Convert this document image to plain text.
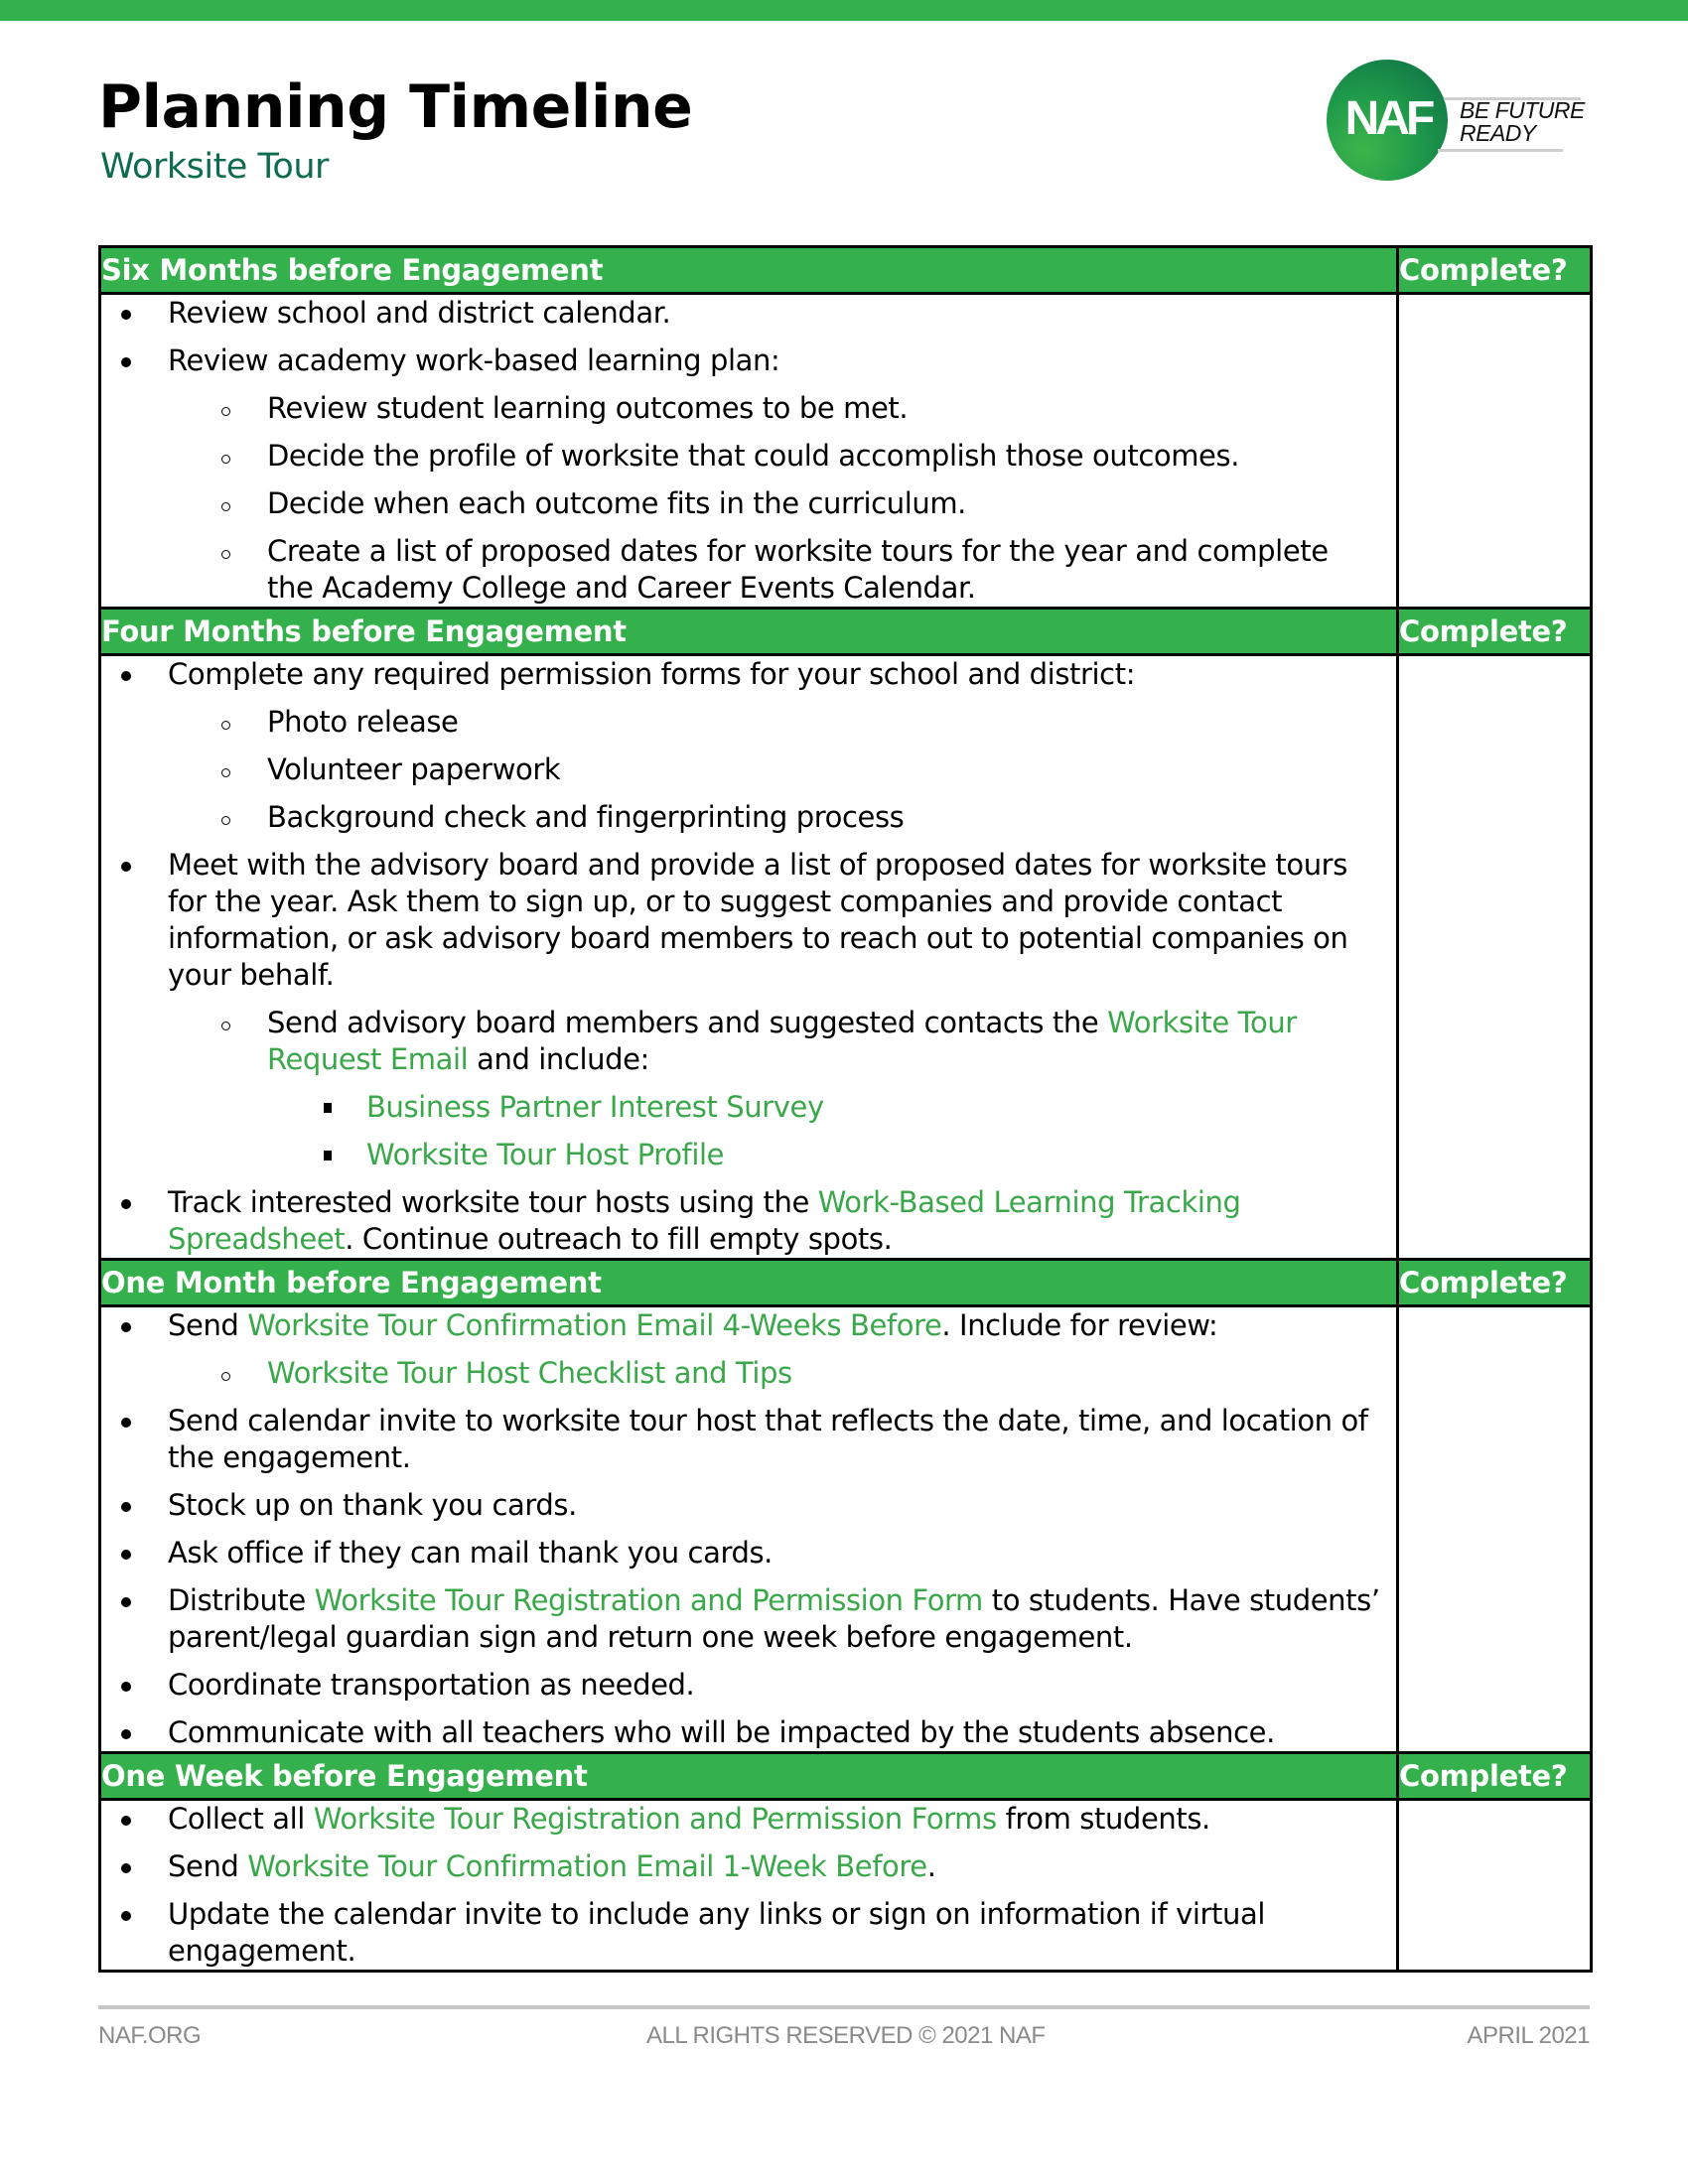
Planning Timeline
Worksite Tour
NAF	BE FUTURE
READY
Six Months before Engagement	Complete?

Review school and district calendar.
Review academy work-based learning plan:
Review student learning outcomes to be met.
Decide the profile of worksite that could accomplish those outcomes.
Decide when each outcome fits in the curriculum.
Create a list of proposed dates for worksite tours for the year and complete the Academy College and Career Events Calendar.

Four Months before Engagement	Complete?

Complete any required permission forms for your school and district:
Photo release
Volunteer paperwork
Background check and fingerprinting process
Meet with the advisory board and provide a list of proposed dates for worksite tours for the year. Ask them to sign up, or to suggest companies and provide contact information, or ask advisory board members to reach out to potential companies on your behalf.
Send advisory board members and suggested contacts the Worksite Tour Request Email and include:
Business Partner Interest Survey
Worksite Tour Host Profile
Track interested worksite tour hosts using the Work-Based Learning Tracking Spreadsheet. Continue outreach to fill empty spots.

One Month before Engagement	Complete?

Send Worksite Tour Confirmation Email 4-Weeks Before. Include for review:
Worksite Tour Host Checklist and Tips
Send calendar invite to worksite tour host that reflects the date, time, and location of the engagement.
Stock up on thank you cards.
Ask office if they can mail thank you cards.
Distribute Worksite Tour Registration and Permission Form to students. Have students’ parent/legal guardian sign and return one week before engagement.
Coordinate transportation as needed.
Communicate with all teachers who will be impacted by the students absence.

One Week before Engagement	Complete?

Collect all Worksite Tour Registration and Permission Forms from students.
Send Worksite Tour Confirmation Email 1-Week Before.
Update the calendar invite to include any links or sign on information if virtual engagement.	

NAF.ORG	ALL RIGHTS RESERVED © 2021 NAF	APRIL 2021
